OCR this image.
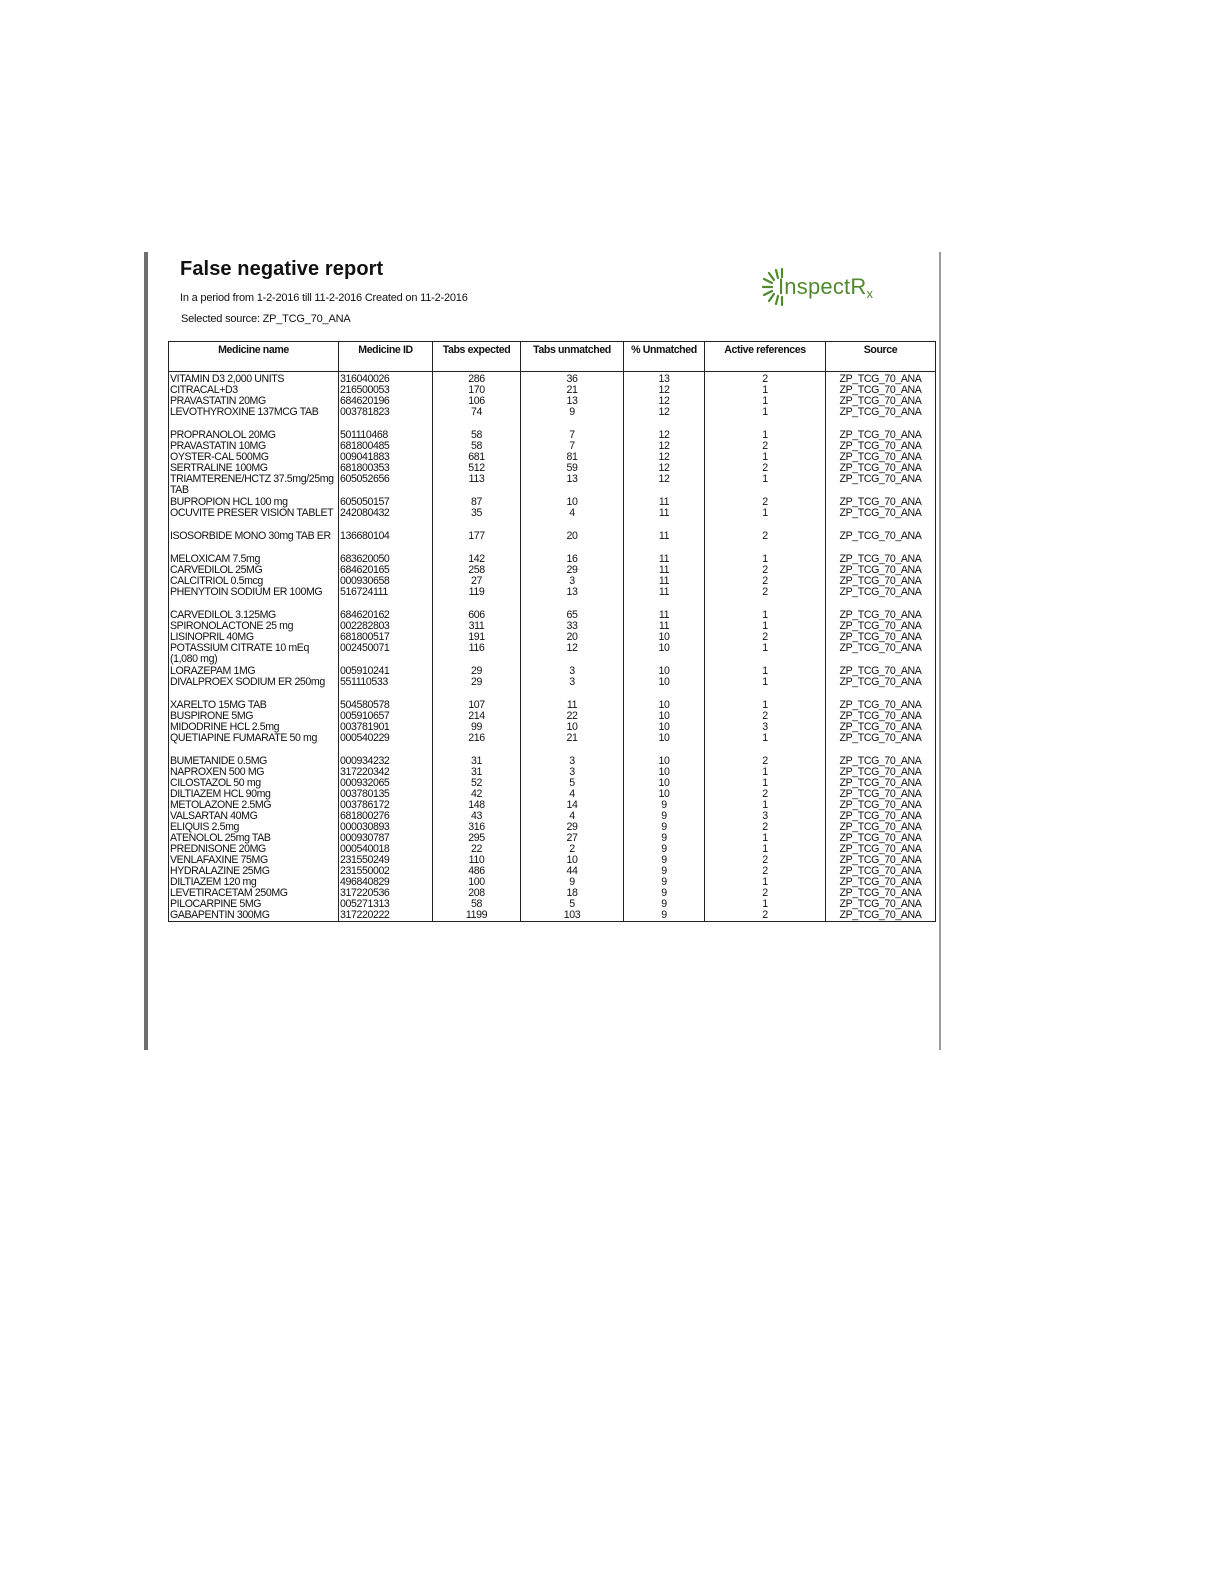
False negative report
In a period from 1-2-2016 till 11-2-2016 Created on 11-2-2016
Selected source: ZP_TCG_70_ANA
InspectRx
Medicine name	Medicine ID	Tabs expected	Tabs unmatched	% Unmatched	Active references	Source
VITAMIN D3 2,000 UNITS	316040026	286	36	13	2	ZP_TCG_70_ANA
CITRACAL+D3	216500053	170	21	12	1	ZP_TCG_70_ANA
PRAVASTATIN 20MG	684620196	106	13	12	1	ZP_TCG_70_ANA
LEVOTHYROXINE 137MCG TAB	003781823	74	9	12	1	ZP_TCG_70_ANA
PROPRANOLOL 20MG	501110468	58	7	12	1	ZP_TCG_70_ANA
PRAVASTATIN 10MG	681800485	58	7	12	2	ZP_TCG_70_ANA
OYSTER-CAL 500MG	009041883	681	81	12	1	ZP_TCG_70_ANA
SERTRALINE 100MG	681800353	512	59	12	2	ZP_TCG_70_ANA
TRIAMTERENE/HCTZ 37.5mg/25mg TAB	605052656	113	13	12	1	ZP_TCG_70_ANA
BUPROPION HCL 100 mg	605050157	87	10	11	2	ZP_TCG_70_ANA
OCUVITE PRESER VISION TABLET	242080432	35	4	11	1	ZP_TCG_70_ANA
ISOSORBIDE MONO 30mg TAB ER	136680104	177	20	11	2	ZP_TCG_70_ANA
MELOXICAM 7.5mg	683620050	142	16	11	1	ZP_TCG_70_ANA
CARVEDILOL 25MG	684620165	258	29	11	2	ZP_TCG_70_ANA
CALCITRIOL 0.5mcg	000930658	27	3	11	2	ZP_TCG_70_ANA
PHENYTOIN SODIUM ER 100MG	516724111	119	13	11	2	ZP_TCG_70_ANA
CARVEDILOL 3.125MG	684620162	606	65	11	1	ZP_TCG_70_ANA
SPIRONOLACTONE 25 mg	002282803	311	33	11	1	ZP_TCG_70_ANA
LISINOPRIL 40MG	681800517	191	20	10	2	ZP_TCG_70_ANA
POTASSIUM CITRATE 10 mEq (1,080 mg)	002450071	116	12	10	1	ZP_TCG_70_ANA
LORAZEPAM 1MG	005910241	29	3	10	1	ZP_TCG_70_ANA
DIVALPROEX SODIUM ER 250mg	551110533	29	3	10	1	ZP_TCG_70_ANA
XARELTO 15MG TAB	504580578	107	11	10	1	ZP_TCG_70_ANA
BUSPIRONE 5MG	005910657	214	22	10	2	ZP_TCG_70_ANA
MIDODRINE HCL 2.5mg	003781901	99	10	10	3	ZP_TCG_70_ANA
QUETIAPINE FUMARATE 50 mg	000540229	216	21	10	1	ZP_TCG_70_ANA
BUMETANIDE 0.5MG	000934232	31	3	10	2	ZP_TCG_70_ANA
NAPROXEN 500 MG	317220342	31	3	10	1	ZP_TCG_70_ANA
CILOSTAZOL 50 mg	000932065	52	5	10	1	ZP_TCG_70_ANA
DILTIAZEM HCL 90mg	003780135	42	4	10	2	ZP_TCG_70_ANA
METOLAZONE 2.5MG	003786172	148	14	9	1	ZP_TCG_70_ANA
VALSARTAN 40MG	681800276	43	4	9	3	ZP_TCG_70_ANA
ELIQUIS 2.5mg	000030893	316	29	9	2	ZP_TCG_70_ANA
ATENOLOL 25mg TAB	000930787	295	27	9	1	ZP_TCG_70_ANA
PREDNISONE 20MG	000540018	22	2	9	1	ZP_TCG_70_ANA
VENLAFAXINE 75MG	231550249	110	10	9	2	ZP_TCG_70_ANA
HYDRALAZINE 25MG	231550002	486	44	9	2	ZP_TCG_70_ANA
DILTIAZEM 120 mg	496840829	100	9	9	1	ZP_TCG_70_ANA
LEVETIRACETAM 250MG	317220536	208	18	9	2	ZP_TCG_70_ANA
PILOCARPINE 5MG	005271313	58	5	9	1	ZP_TCG_70_ANA
GABAPENTIN 300MG	317220222	1199	103	9	2	ZP_TCG_70_ANA
